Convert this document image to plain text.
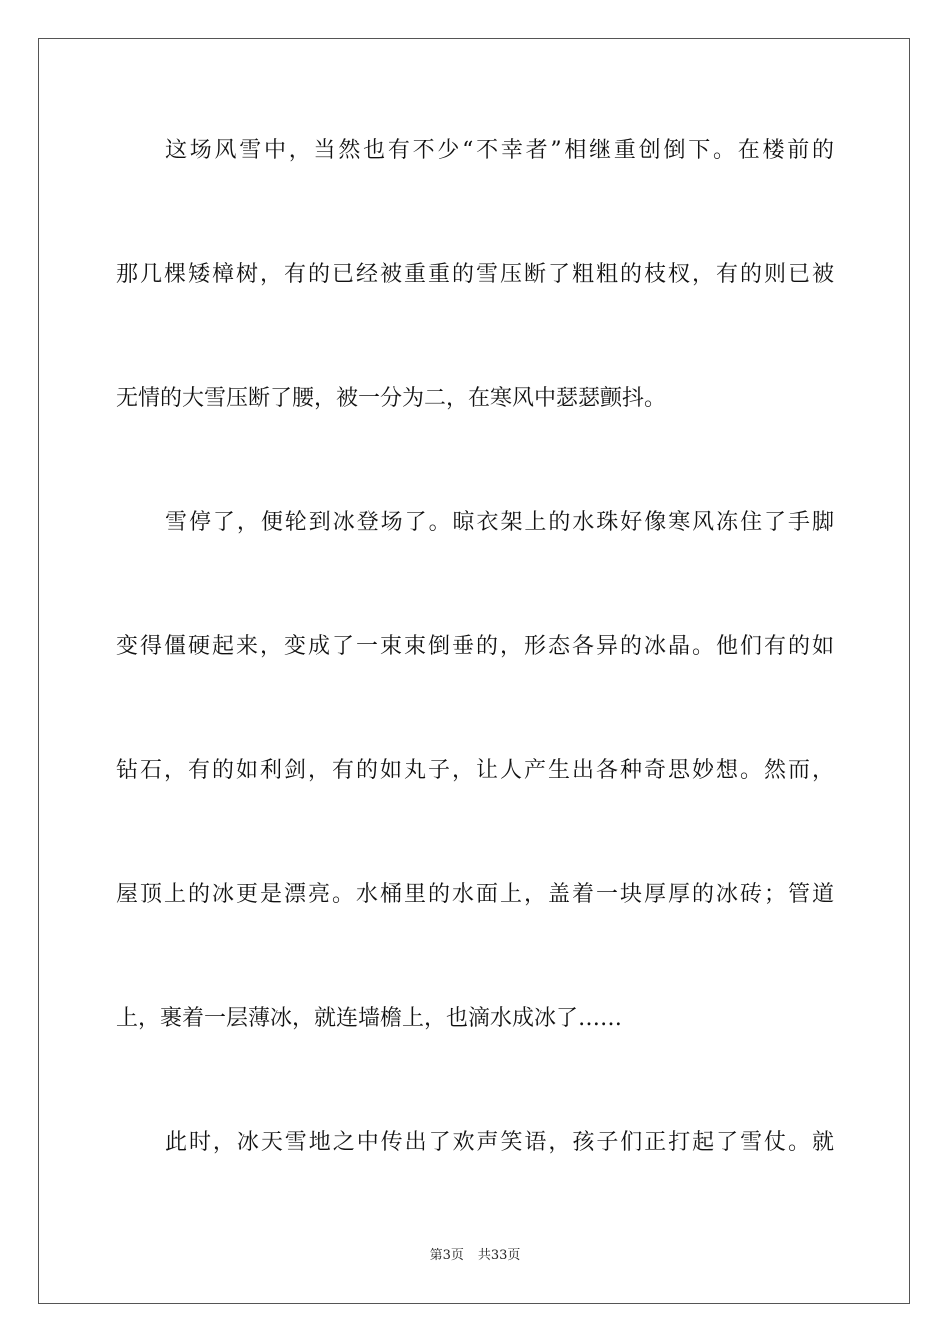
这场风雪中，当然也有不少“不幸者”相继重创倒下。在楼前的
那几棵矮樟树，有的已经被重重的雪压断了粗粗的枝杈，有的则已被
无情的大雪压断了腰，被一分为二，在寒风中瑟瑟颤抖。
雪停了，便轮到冰登场了。晾衣架上的水珠好像寒风冻住了手脚
变得僵硬起来，变成了一束束倒垂的，形态各异的冰晶。他们有的如
钻石，有的如利剑，有的如丸子，让人产生出各种奇思妙想。然而，
屋顶上的冰更是漂亮。水桶里的水面上，盖着一块厚厚的冰砖；管道
上，裹着一层薄冰，就连墙檐上，也滴水成冰了……
此时，冰天雪地之中传出了欢声笑语，孩子们正打起了雪仗。就
第3页 共33页
